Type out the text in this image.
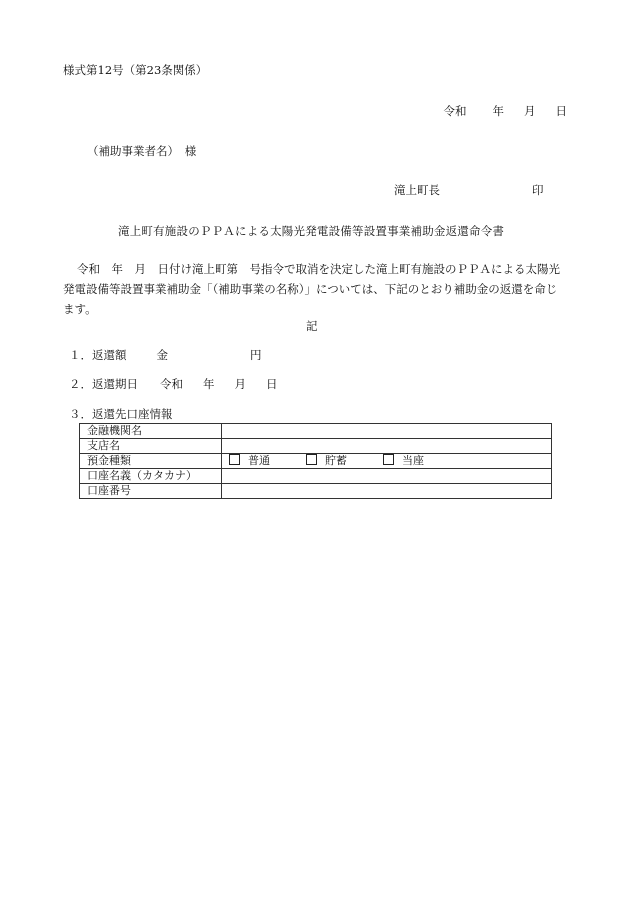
様式第12号（第23条関係）
令和 年 月 日
（補助事業者名）　様
滝上町長	印
滝上町有施設のＰＰＡによる太陽光発電設備等設置事業補助金返還命令書
令和　年　月　日付け滝上町第　号指令で取消を決定した滝上町有施設のＰＰＡによる太陽光発電設備等設置事業補助金「（補助事業の名称）」については、下記のとおり補助金の返還を命じます。
記
１．返還額	金	円
２．返還期日 令和 年 月 日
３．返還先口座情報
金融機関名	
支店名	
預金種類	普通 貯蓄 当座
口座名義（カタカナ）	
口座番号	
